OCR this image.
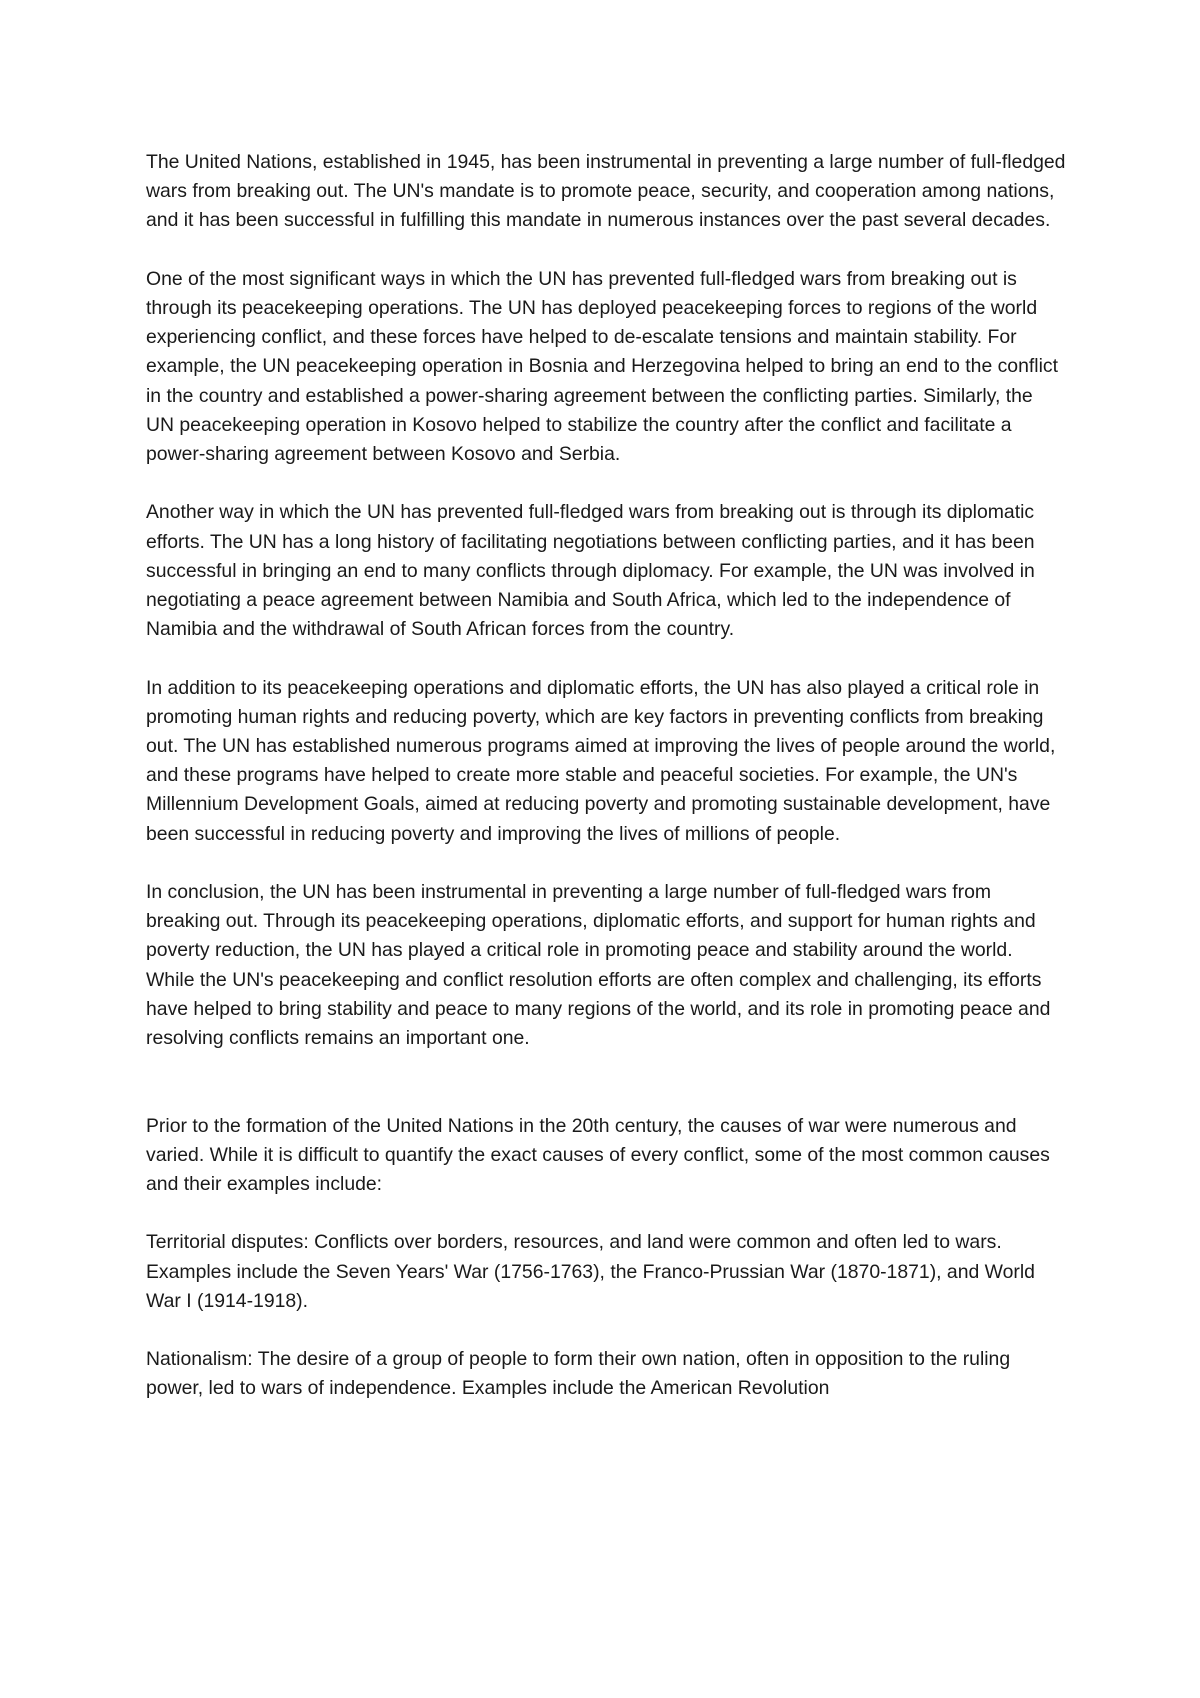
The United Nations, established in 1945, has been instrumental in preventing a large number of full-fledged wars from breaking out. The UN's mandate is to promote peace, security, and cooperation among nations, and it has been successful in fulfilling this mandate in numerous instances over the past several decades.

One of the most significant ways in which the UN has prevented full-fledged wars from breaking out is through its peacekeeping operations. The UN has deployed peacekeeping forces to regions of the world experiencing conflict, and these forces have helped to de-escalate tensions and maintain stability. For example, the UN peacekeeping operation in Bosnia and Herzegovina helped to bring an end to the conflict in the country and established a power-sharing agreement between the conflicting parties. Similarly, the UN peacekeeping operation in Kosovo helped to stabilize the country after the conflict and facilitate a power-sharing agreement between Kosovo and Serbia.

Another way in which the UN has prevented full-fledged wars from breaking out is through its diplomatic efforts. The UN has a long history of facilitating negotiations between conflicting parties, and it has been successful in bringing an end to many conflicts through diplomacy. For example, the UN was involved in negotiating a peace agreement between Namibia and South Africa, which led to the independence of Namibia and the withdrawal of South African forces from the country.

In addition to its peacekeeping operations and diplomatic efforts, the UN has also played a critical role in promoting human rights and reducing poverty, which are key factors in preventing conflicts from breaking out. The UN has established numerous programs aimed at improving the lives of people around the world, and these programs have helped to create more stable and peaceful societies. For example, the UN's Millennium Development Goals, aimed at reducing poverty and promoting sustainable development, have been successful in reducing poverty and improving the lives of millions of people.

In conclusion, the UN has been instrumental in preventing a large number of full-fledged wars from breaking out. Through its peacekeeping operations, diplomatic efforts, and support for human rights and poverty reduction, the UN has played a critical role in promoting peace and stability around the world. While the UN's peacekeeping and conflict resolution efforts are often complex and challenging, its efforts have helped to bring stability and peace to many regions of the world, and its role in promoting peace and resolving conflicts remains an important one.

Prior to the formation of the United Nations in the 20th century, the causes of war were numerous and varied. While it is difficult to quantify the exact causes of every conflict, some of the most common causes and their examples include:

Territorial disputes: Conflicts over borders, resources, and land were common and often led to wars. Examples include the Seven Years' War (1756-1763), the Franco-Prussian War (1870-1871), and World War I (1914-1918).

Nationalism: The desire of a group of people to form their own nation, often in opposition to the ruling power, led to wars of independence. Examples include the American Revolution
